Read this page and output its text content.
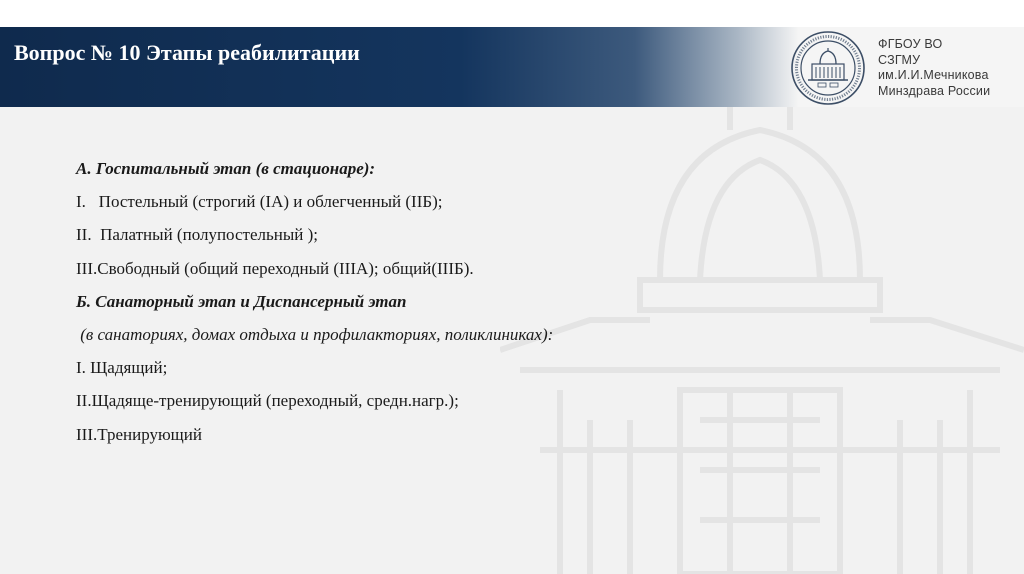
Вопрос № 10 Этапы реабилитации	ФГБОУ ВО
СЗГМУ
им.И.И.Мечникова
Минздрава России
А. Госпитальный этап (в стационаре):
I.   Постельный (строгий (IА) и облегченный (IIБ);
II.  Палатный (полупостельный );
III.Свободный (общий переходный (IIIА); общий(IIIБ).
Б. Санаторный этап и Диспансерный этап
(в санаториях, домах отдыха и профилакториях, поликлиниках):
I. Щадящий;
II.Щадяще-тренирующий (переходный, средн.нагр.);
III.Тренирующий
